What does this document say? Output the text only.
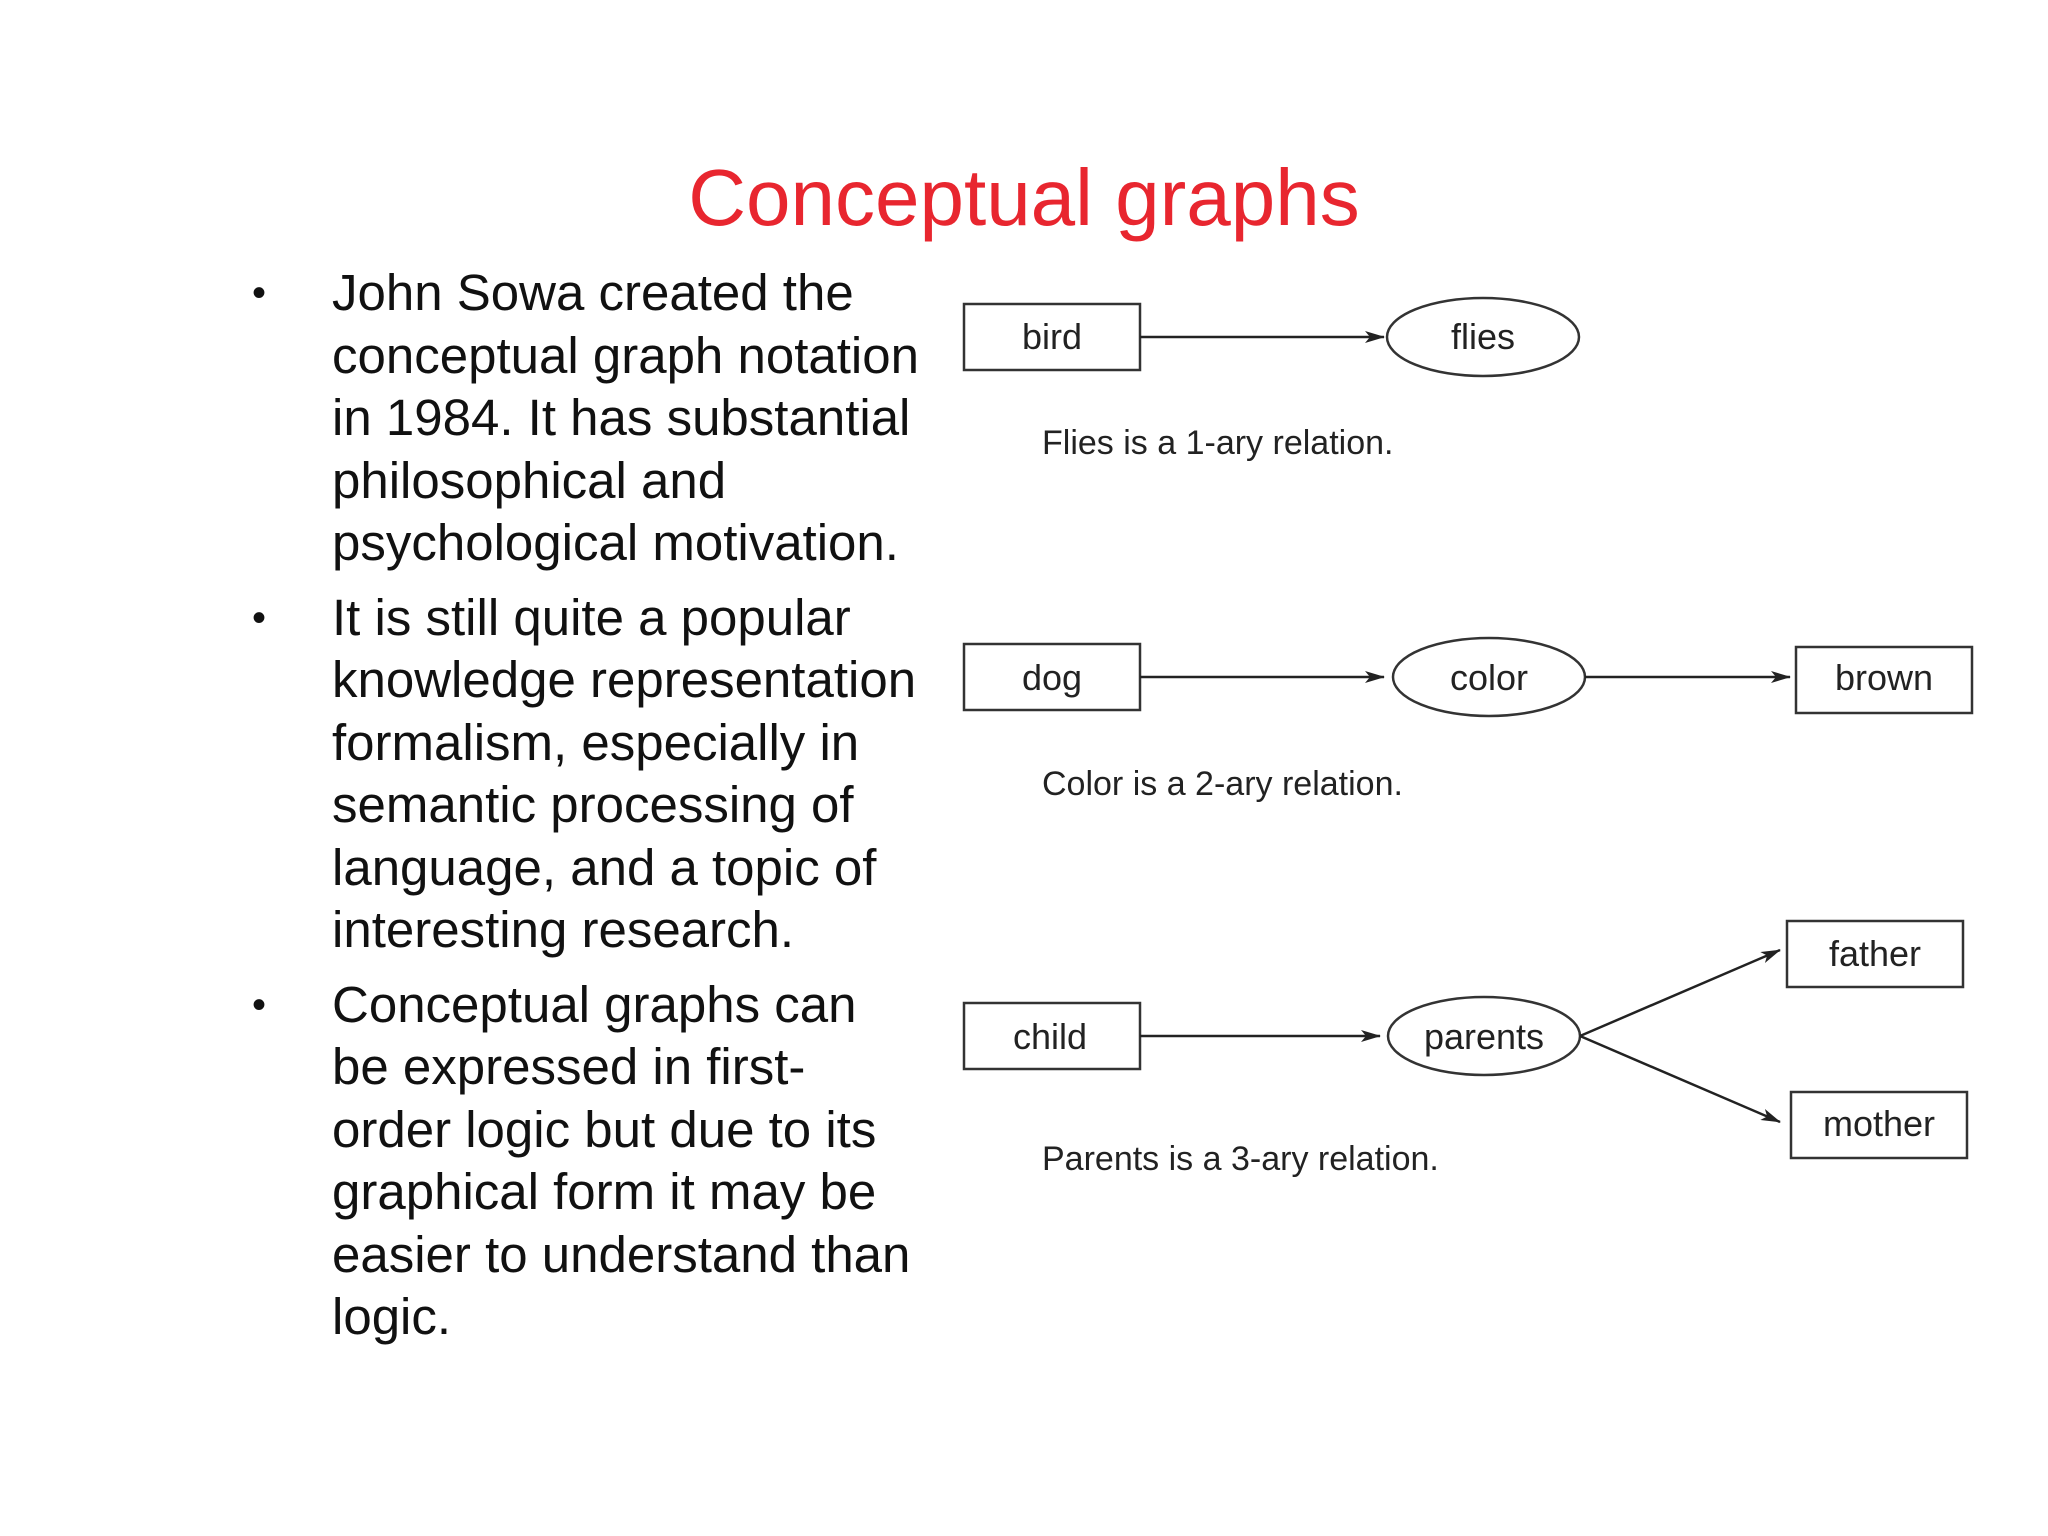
Conceptual graphs
• John Sowa created the conceptual graph notation in 1984. It has substantial philosophical and psychological motivation.
• It is still quite a popular knowledge representation formalism, especially in semantic processing of language, and a topic of interesting research.
• Conceptual graphs can be expressed in first-order logic but due to its graphical form it may be easier to understand than logic.
bird	flies
Flies is a 1-ary relation.
dog	color	brown
Color is a 2-ary relation.
child	parents
father
mother
Parents is a 3-ary relation.
